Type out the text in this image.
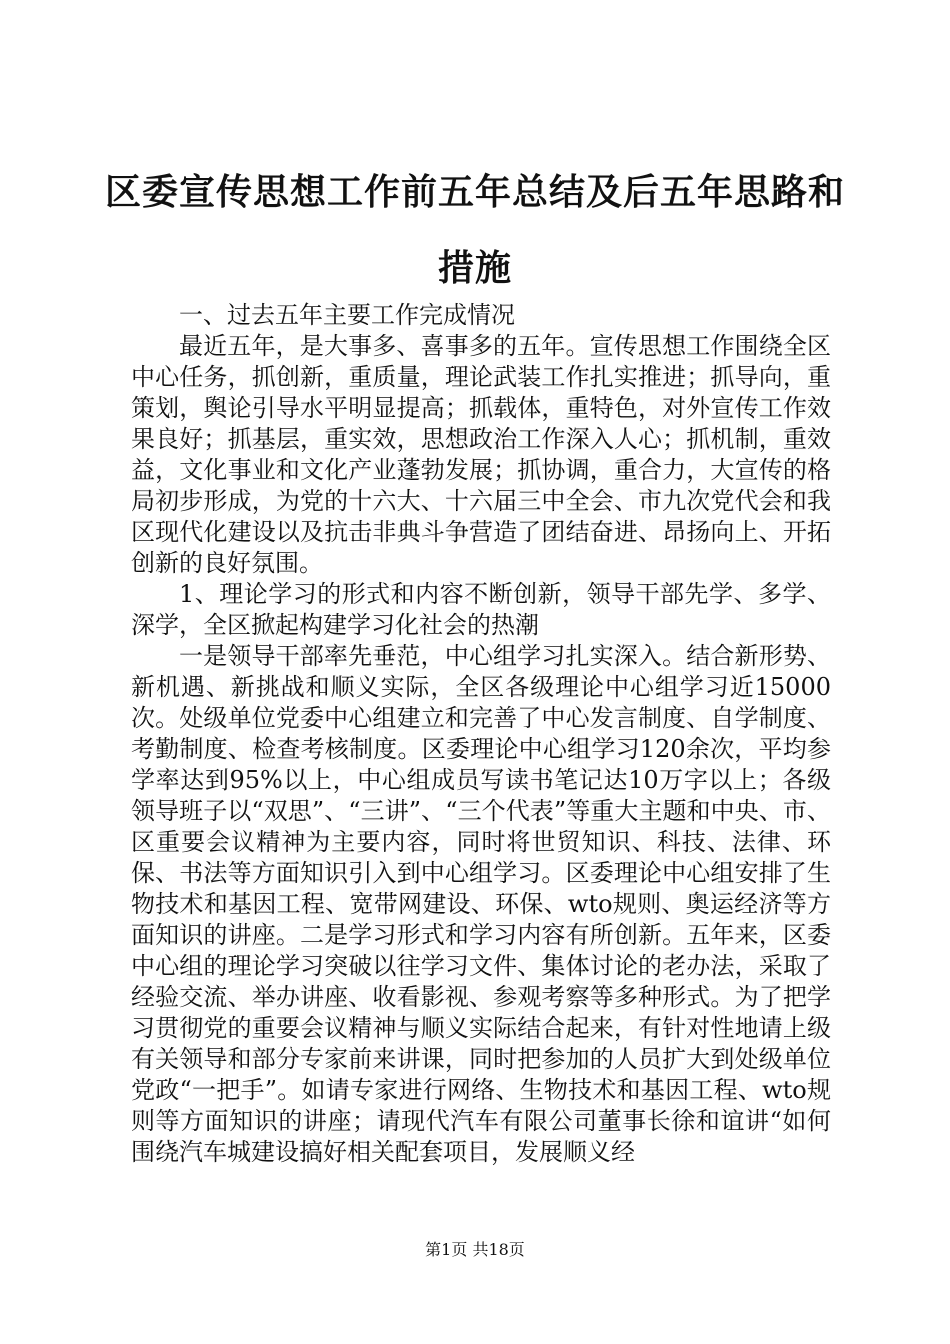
区委宣传思想工作前五年总结及后五年思路和措施

一、过去五年主要工作完成情况

最近五年，是大事多、喜事多的五年。宣传思想工作围绕全区中心任务，抓创新，重质量，理论武装工作扎实推进；抓导向，重策划，舆论引导水平明显提高；抓载体，重特色，对外宣传工作效果良好；抓基层，重实效，思想政治工作深入人心；抓机制，重效益，文化事业和文化产业蓬勃发展；抓协调，重合力，大宣传的格局初步形成，为党的十六大、十六届三中全会、市九次党代会和我区现代化建设以及抗击非典斗争营造了团结奋进、昂扬向上、开拓创新的良好氛围。

1、理论学习的形式和内容不断创新，领导干部先学、多学、深学，全区掀起构建学习化社会的热潮

一是领导干部率先垂范，中心组学习扎实深入。结合新形势、新机遇、新挑战和顺义实际，全区各级理论中心组学习近15000次。处级单位党委中心组建立和完善了中心发言制度、自学制度、考勤制度、检查考核制度。区委理论中心组学习120余次，平均参学率达到95%以上，中心组成员写读书笔记达10万字以上；各级领导班子以“双思”、“三讲”、“三个代表”等重大主题和中央、市、区重要会议精神为主要内容，同时将世贸知识、科技、法律、环保、书法等方面知识引入到中心组学习。区委理论中心组安排了生物技术和基因工程、宽带网建设、环保、wto规则、奥运经济等方面知识的讲座。二是学习形式和学习内容有所创新。五年来，区委中心组的理论学习突破以往学习文件、集体讨论的老办法，采取了经验交流、举办讲座、收看影视、参观考察等多种形式。为了把学习贯彻党的重要会议精神与顺义实际结合起来，有针对性地请上级有关领导和部分专家前来讲课，同时把参加的人员扩大到处级单位党政“一把手”。如请专家进行网络、生物技术和基因工程、wto规则等方面知识的讲座；请现代汽车有限公司董事长徐和谊讲“如何围绕汽车城建设搞好相关配套项目，发展顺义经

第1页 共18页
